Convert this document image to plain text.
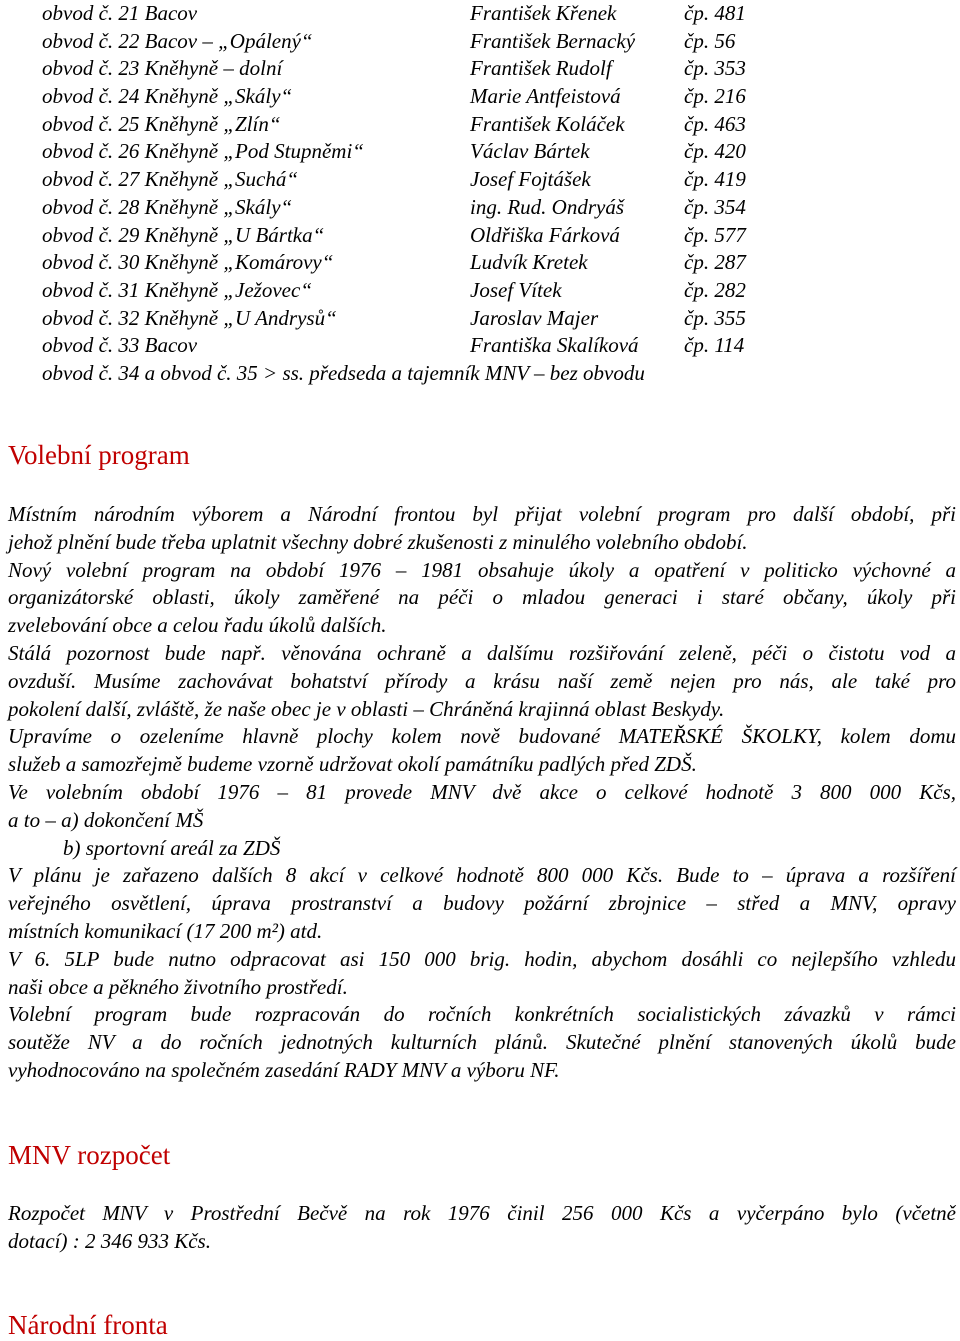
obvod č. 21 Bacov	František Křenek	čp. 481
obvod č. 22 Bacov – „Opálený“	František Bernacký čp. 56
obvod č. 23 Kněhyně – dolní	František Rudolf	čp. 353
obvod č. 24 Kněhyně „Skály“	Marie Antfeistová	čp. 216
obvod č. 25 Kněhyně „Zlín“	František Koláček	čp. 463
obvod č. 26 Kněhyně „Pod Stupněmi“	Václav Bártek	čp. 420
obvod č. 27 Kněhyně „Suchá“	Josef Fojtášek	čp. 419
obvod č. 28 Kněhyně „Skály“	ing. Rud. Ondryáš	čp. 354
obvod č. 29 Kněhyně „U Bártka“	Oldřiška Fárková	čp. 577
obvod č. 30 Kněhyně „Komárovy“	Ludvík Kretek	čp. 287
obvod č. 31 Kněhyně „Ježovec“	Josef Vítek	čp. 282
obvod č. 32 Kněhyně „U Andrysů“	Jaroslav Majer	čp. 355
obvod č. 33 Bacov	Františka Skalíková čp. 114
obvod č. 34 a obvod č. 35 > ss. předseda a tajemník MNV – bez obvodu
Volební program
Místním národním výborem a Národní frontou byl přijat volební program pro další období, při
jehož plnění bude třeba uplatnit všechny dobré zkušenosti z minulého volebního období.
Nový volební program na období 1976 – 1981 obsahuje úkoly a opatření v politicko výchovné a
organizátorské oblasti, úkoly zaměřené na péči o mladou generaci i staré občany, úkoly při
zvelebování obce a celou řadu úkolů dalších.
Stálá pozornost bude např. věnována ochraně a dalšímu rozšiřování zeleně, péči o čistotu vod a
ovzduší. Musíme zachovávat bohatství přírody a krásu naší země nejen pro nás, ale také pro
pokolení další, zvláště, že naše obec je v oblasti – Chráněná krajinná oblast Beskydy.
Upravíme o ozeleníme hlavně plochy kolem nově budované MATEŘSKÉ ŠKOLKY, kolem domu
služeb a samozřejmě budeme vzorně udržovat okolí památníku padlých před ZDŠ.
Ve volebním období 1976 – 81 provede MNV dvě akce o celkové hodnotě 3 800 000 Kčs,
a to – a) dokončení MŠ
b) sportovní areál za ZDŠ
V plánu je zařazeno dalších 8 akcí v celkové hodnotě 800 000 Kčs. Bude to – úprava a rozšíření
veřejného osvětlení, úprava prostranství a budovy požární zbrojnice – střed a MNV, opravy
místních komunikací (17 200 m²) atd.
V 6. 5LP bude nutno odpracovat asi 150 000 brig. hodin, abychom dosáhli co nejlepšího vzhledu
naši obce a pěkného životního prostředí.
Volební program bude rozpracován do ročních konkrétních socialistických závazků v rámci
soutěže NV a do ročních jednotných kulturních plánů. Skutečné plnění stanovených úkolů bude
vyhodnocováno na společném zasedání RADY MNV a výboru NF.
MNV rozpočet
Rozpočet MNV v Prostřední Bečvě na rok 1976 činil 256 000 Kčs a vyčerpáno bylo (včetně
dotací) : 2 346 933 Kčs.
Národní fronta
